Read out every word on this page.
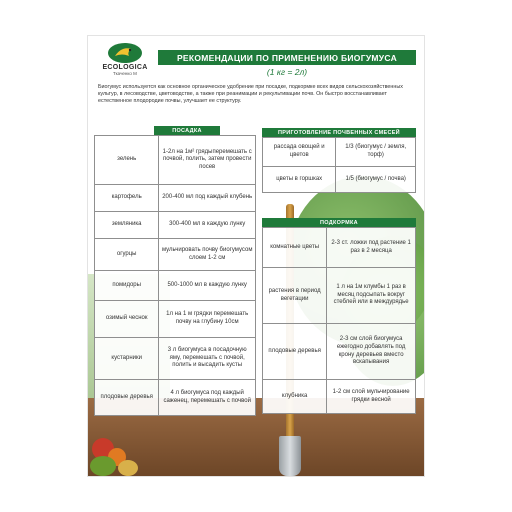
ECOLOGICA
Ткаченко М
РЕКОМЕНДАЦИИ ПО ПРИМЕНЕНИЮ БИОГУМУСА
(1 кг = 2л)
Биогумус используется как основное органическое удобрение при посадке, подкормке всех видов сельскохозяйственных культур, в лесоводстве, цветоводстве, а также при реанимации и рекультивации почв. Он быстро восстанавливает естественное плодородие почвы, улучшает ее структуру.
ПОСАДКА
зелень	1-2л на 1м² грядыперемешать с почвой, полить, затем провести посев
картофель	200-400 мл под каждый клубень
земляника	300-400 мл в каждую лунку
огурцы	мульчировать почву биогумусом слоем 1-2 см
помидоры	500-1000 мл в каждую лунку
озимый чеснок	1л на 1 м грядки перемешать почву на глубину 10см
кустарники	3 л биогумуса в посадочную яму, перемешать с почвой, полить и высадить кусты
плодовые деревья	4 л биогумуса под каждый саженец, перемешать с почвой
ПРИГОТОВЛЕНИЕ ПОЧВЕННЫХ СМЕСЕЙ
рассада овощей и цветов	1/3 (биогумус / земля, торф)
цветы в горшках	1/5 (биогумус / почва)
ПОДКОРМКА
комнатные цветы	2-3 ст. ложки под растение 1 раз в 2 месяца
растения в период вегетации	1 л на 1м клумбы 1 раз в месяц подсыпать вокруг стеблей или в междурядье
плодовые деревья	2-3 см слой биогумуса ежегодно добавлять под крону деревьев вместо вскапывания
клубника	1-2 см слой мульчирование грядки весной
